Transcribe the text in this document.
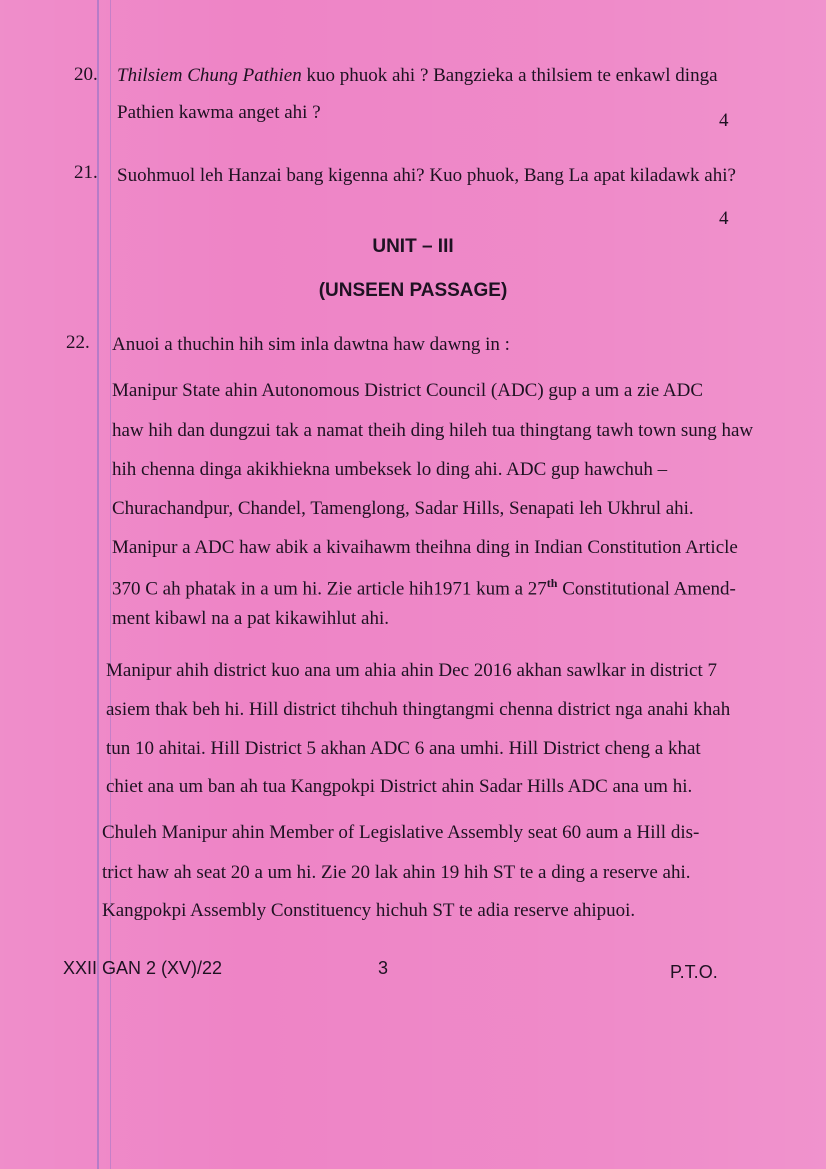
20. Thilsiem Chung Pathien kuo phuok ahi ? Bangzieka a thilsiem te enkawl dinga
Pathien kawma anget ahi ?	4
21. Suohmuol leh Hanzai bang kigenna ahi? Kuo phuok, Bang La apat kiladawk ahi?
4
UNIT – III
(UNSEEN PASSAGE)
22. Anuoi a thuchin hih sim inla dawtna haw dawng in :
Manipur State ahin Autonomous District Council (ADC) gup a um a zie ADC
haw hih dan dungzui tak a namat theih ding hileh tua thingtang tawh town sung haw
hih chenna dinga akikhiekna umbeksek lo ding ahi. ADC gup hawchuh –
Churachandpur, Chandel, Tamenglong, Sadar Hills, Senapati leh Ukhrul ahi.
Manipur a ADC haw abik a kivaihawm theihna ding in Indian Constitution Article
370 C ah phatak in a um hi. Zie article hih1971 kum a 27th Constitutional Amend-
ment kibawl na a pat kikawihlut ahi.
Manipur ahih district kuo ana um ahia ahin Dec 2016 akhan sawlkar in district 7
asiem thak beh hi. Hill district tihchuh thingtangmi chenna district nga anahi khah
tun 10 ahitai. Hill District 5 akhan ADC 6 ana umhi. Hill District cheng a khat
chiet ana um ban ah tua Kangpokpi District ahin Sadar Hills ADC ana um hi.
Chuleh Manipur ahin Member of Legislative Assembly seat 60 aum a Hill dis-
trict haw ah seat 20 a um hi. Zie 20 lak ahin 19 hih ST te a ding a reserve ahi.
Kangpokpi Assembly Constituency hichuh ST te adia reserve ahipuoi.
XXII GAN 2 (XV)/22	3	P.T.O.
